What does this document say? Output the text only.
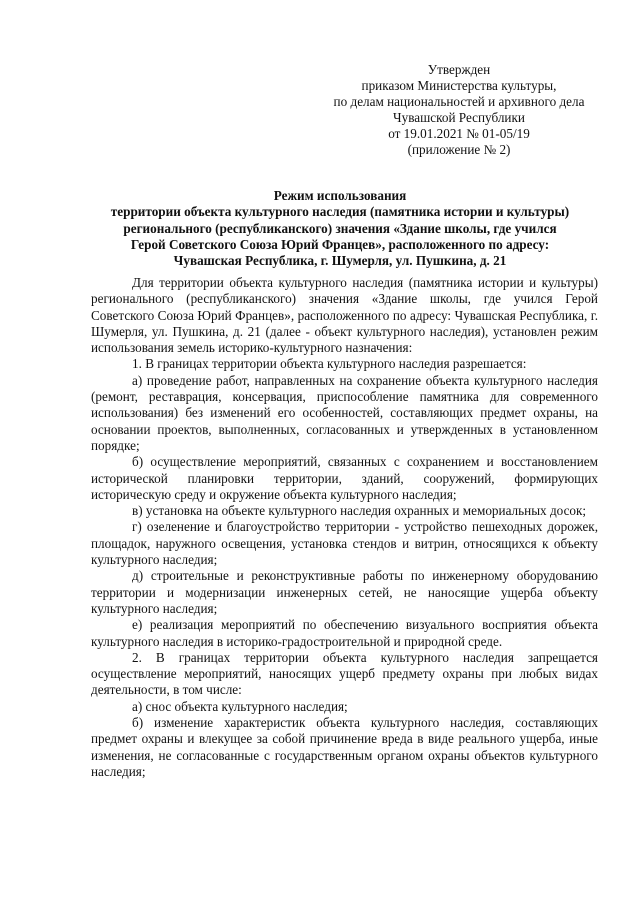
Утвержден
приказом Министерства культуры,
по делам национальностей и архивного дела
Чувашской Республики
от 19.01.2021 № 01-05/19
(приложение № 2)
Режим использования
территории объекта культурного наследия (памятника истории и культуры)
регионального (республиканского) значения «Здание школы, где учился
Герой Советского Союза Юрий Францев», расположенного по адресу:
Чувашская Республика, г. Шумерля, ул. Пушкина, д. 21

Для территории объекта культурного наследия (памятника истории и культуры) регионального (республиканского) значения «Здание школы, где учился Герой Советского Союза Юрий Францев», расположенного по адресу: Чувашская Республика, г. Шумерля, ул. Пушкина, д. 21 (далее - объект культурного наследия), установлен режим использования земель историко-культурного назначения:

1. В границах территории объекта культурного наследия разрешается:

а) проведение работ, направленных на сохранение объекта культурного наследия (ремонт, реставрация, консервация, приспособление памятника для современного использования) без изменений его особенностей, составляющих предмет охраны, на основании проектов, выполненных, согласованных и утвержденных в установленном порядке;

б) осуществление мероприятий, связанных с сохранением и восстановлением исторической планировки территории, зданий, сооружений, формирующих историческую среду и окружение объекта культурного наследия;

в) установка на объекте культурного наследия охранных и мемориальных досок;

г) озеленение и благоустройство территории - устройство пешеходных дорожек, площадок, наружного освещения, установка стендов и витрин, относящихся к объекту культурного наследия;

д) строительные и реконструктивные работы по инженерному оборудованию территории и модернизации инженерных сетей, не наносящие ущерба объекту культурного наследия;

е) реализация мероприятий по обеспечению визуального восприятия объекта культурного наследия в историко-градостроительной и природной среде.

2. В границах территории объекта культурного наследия запрещается осуществление мероприятий, наносящих ущерб предмету охраны при любых видах деятельности, в том числе:

а) снос объекта культурного наследия;

б) изменение характеристик объекта культурного наследия, составляющих предмет охраны и влекущее за собой причинение вреда в виде реального ущерба, иные изменения, не согласованные с государственным органом охраны объектов культурного наследия;
